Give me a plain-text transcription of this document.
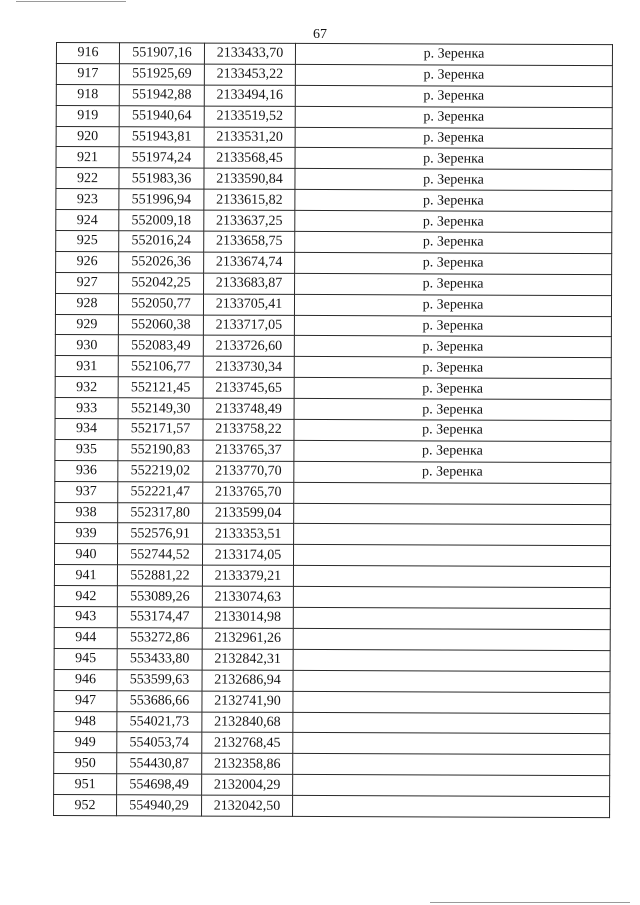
67
916	551907,16	2133433,70	р. Зеренка
917	551925,69	2133453,22	р. Зеренка
918	551942,88	2133494,16	р. Зеренка
919	551940,64	2133519,52	р. Зеренка
920	551943,81	2133531,20	р. Зеренка
921	551974,24	2133568,45	р. Зеренка
922	551983,36	2133590,84	р. Зеренка
923	551996,94	2133615,82	р. Зеренка
924	552009,18	2133637,25	р. Зеренка
925	552016,24	2133658,75	р. Зеренка
926	552026,36	2133674,74	р. Зеренка
927	552042,25	2133683,87	р. Зеренка
928	552050,77	2133705,41	р. Зеренка
929	552060,38	2133717,05	р. Зеренка
930	552083,49	2133726,60	р. Зеренка
931	552106,77	2133730,34	р. Зеренка
932	552121,45	2133745,65	р. Зеренка
933	552149,30	2133748,49	р. Зеренка
934	552171,57	2133758,22	р. Зеренка
935	552190,83	2133765,37	р. Зеренка
936	552219,02	2133770,70	р. Зеренка
937	552221,47	2133765,70	
938	552317,80	2133599,04	
939	552576,91	2133353,51	
940	552744,52	2133174,05	
941	552881,22	2133379,21	
942	553089,26	2133074,63	
943	553174,47	2133014,98	
944	553272,86	2132961,26	
945	553433,80	2132842,31	
946	553599,63	2132686,94	
947	553686,66	2132741,90	
948	554021,73	2132840,68	
949	554053,74	2132768,45	
950	554430,87	2132358,86	
951	554698,49	2132004,29	
952	554940,29	2132042,50	
